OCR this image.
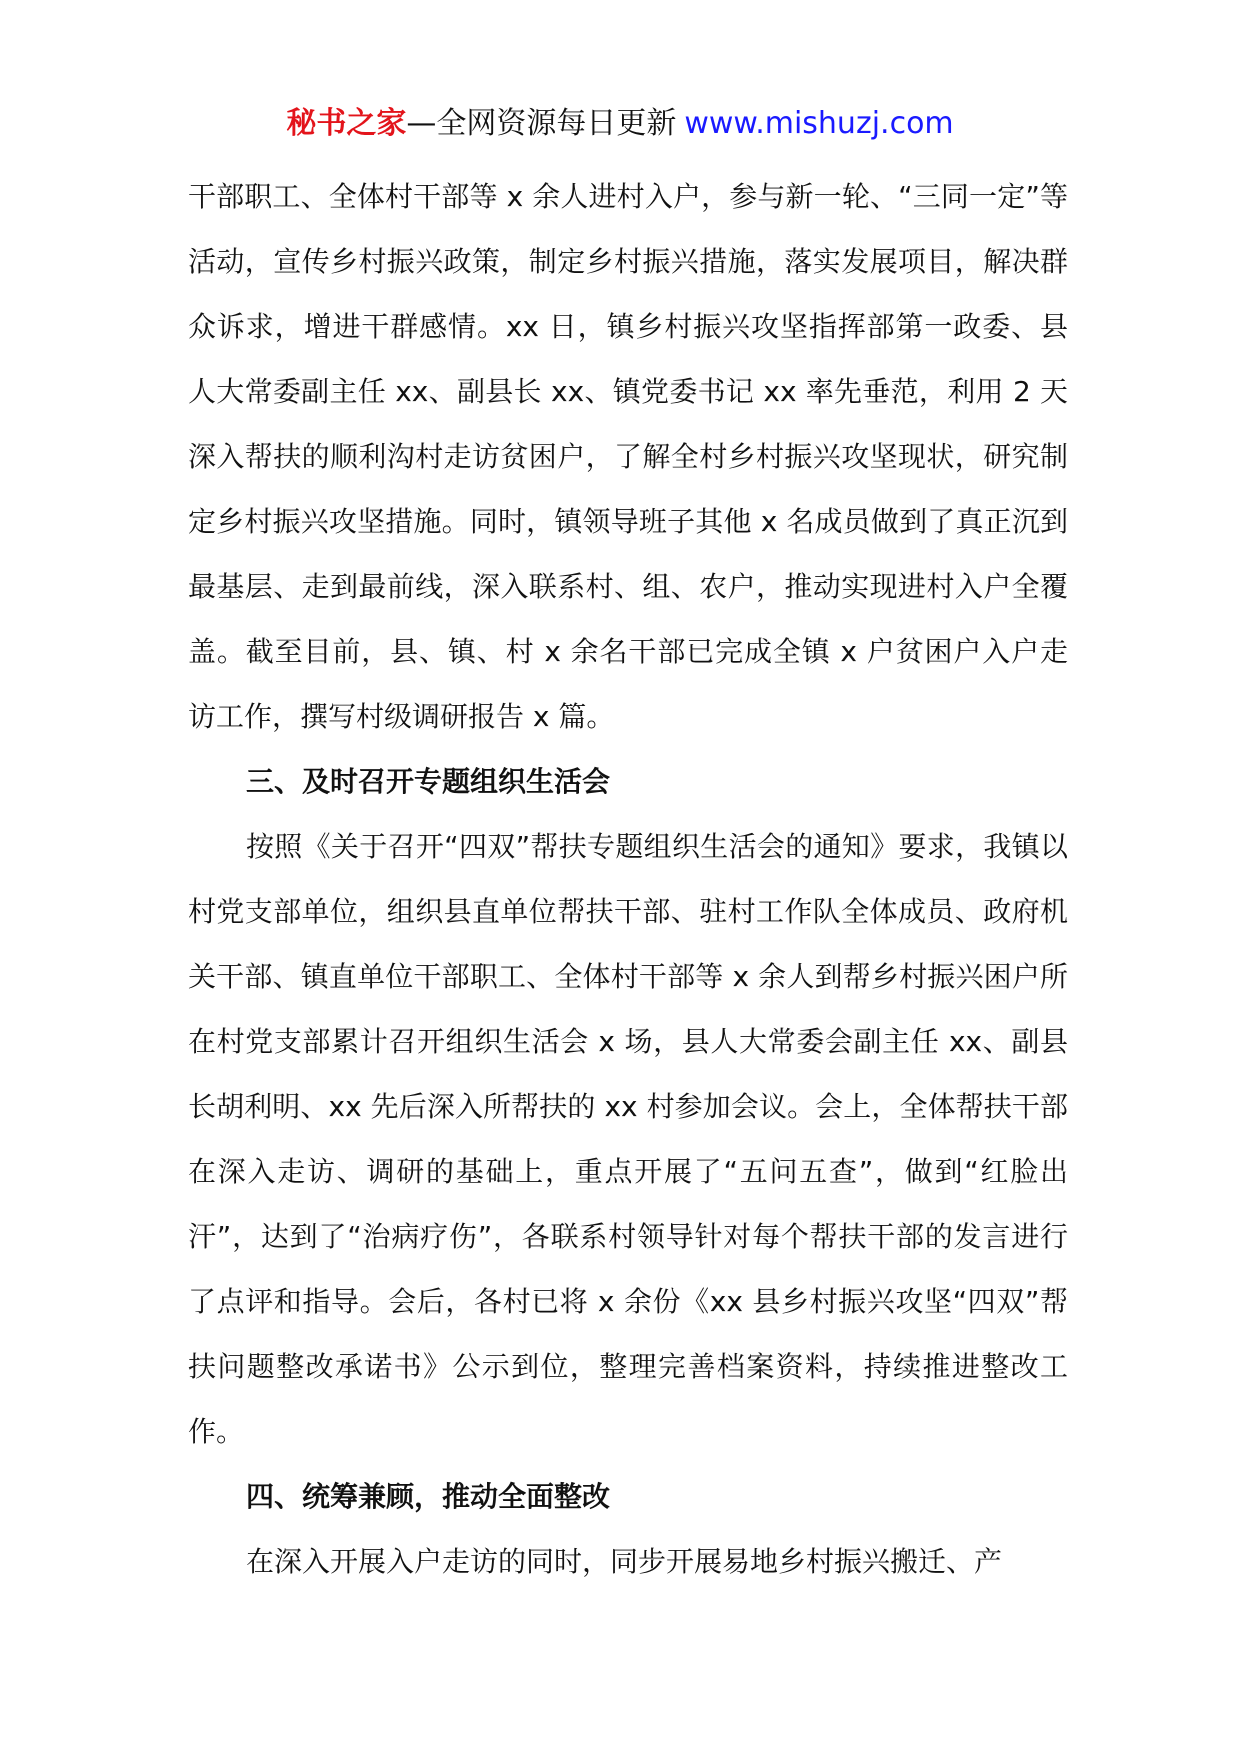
秘书之家—全网资源每日更新 www.mishuzj.com

干部职工、全体村干部等 x 余人进村入户，参与新一轮、“三同一定”等活动，宣传乡村振兴政策，制定乡村振兴措施，落实发展项目，解决群众诉求，增进干群感情。xx 日，镇乡村振兴攻坚指挥部第一政委、县人大常委副主任 xx、副县长 xx、镇党委书记 xx 率先垂范，利用 2 天深入帮扶的顺利沟村走访贫困户，了解全村乡村振兴攻坚现状，研究制定乡村振兴攻坚措施。同时，镇领导班子其他 x 名成员做到了真正沉到最基层、走到最前线，深入联系村、组、农户，推动实现进村入户全覆盖。截至目前，县、镇、村 x 余名干部已完成全镇 x 户贫困户入户走访工作，撰写村级调研报告 x 篇。

三、及时召开专题组织生活会

按照《关于召开“四双”帮扶专题组织生活会的通知》要求，我镇以村党支部单位，组织县直单位帮扶干部、驻村工作队全体成员、政府机关干部、镇直单位干部职工、全体村干部等 x 余人到帮乡村振兴困户所在村党支部累计召开组织生活会 x 场，县人大常委会副主任 xx、副县长胡利明、xx 先后深入所帮扶的 xx 村参加会议。会上，全体帮扶干部在深入走访、调研的基础上，重点开展了“五问五查”，做到“红脸出汗”，达到了“治病疗伤”，各联系村领导针对每个帮扶干部的发言进行了点评和指导。会后，各村已将 x 余份《xx 县乡村振兴攻坚“四双”帮扶问题整改承诺书》公示到位，整理完善档案资料，持续推进整改工作。

四、统筹兼顾，推动全面整改

在深入开展入户走访的同时，同步开展易地乡村振兴搬迁、产
